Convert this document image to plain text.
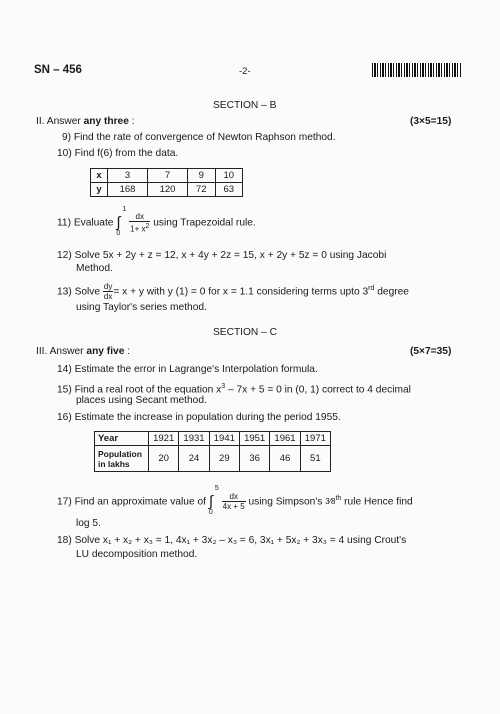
SN – 456	-2-
SECTION – B
II. Answer any three :	(3×5=15)
9) Find the rate of convergence of Newton Raphson method.
10) Find f(6) from the data.
x	3	7	9	10
y	168	120	72	63
11) Evaluate ∫
1
0

$\frac{dx}{1+ x^2}$ using Trapezoidal rule.
12) Solve 5x + 2y + z = 12, x + 4y + 2z = 15, x + 2y + 5z = 0 using Jacobi
Method.
13) Solve $\frac{dy}{dx} = x + y$ with y (1) = 0 for x = 1.1 considering terms upto 3rd degree
using Taylor's series method.
SECTION – C
III. Answer any five :	(5×7=35)
14) Estimate the error in Lagrange's Interpolation formula.
15) Find a real root of the equation $x^3 - 7x + 5 = 0$ in (0, 1) correct to 4 decimal
places using Secant method.
16) Estimate the increase in population during the period 1955.
Year	1921	1931	1941	1951	1961	1971
Population in lakhs	20	24	29	36	46	51
17) Find an approximate value of ∫
5
0

$\frac{dx}{4x + 5}$ using Simpson's 3⁄8th rule Hence find
log 5.
18) Solve x₁ + x₂ + x₃ = 1, 4x₁ + 3x₂ – x₃ = 6, 3x₁ + 5x₂ + 3x₃ = 4 using Crout's
LU decomposition method.
